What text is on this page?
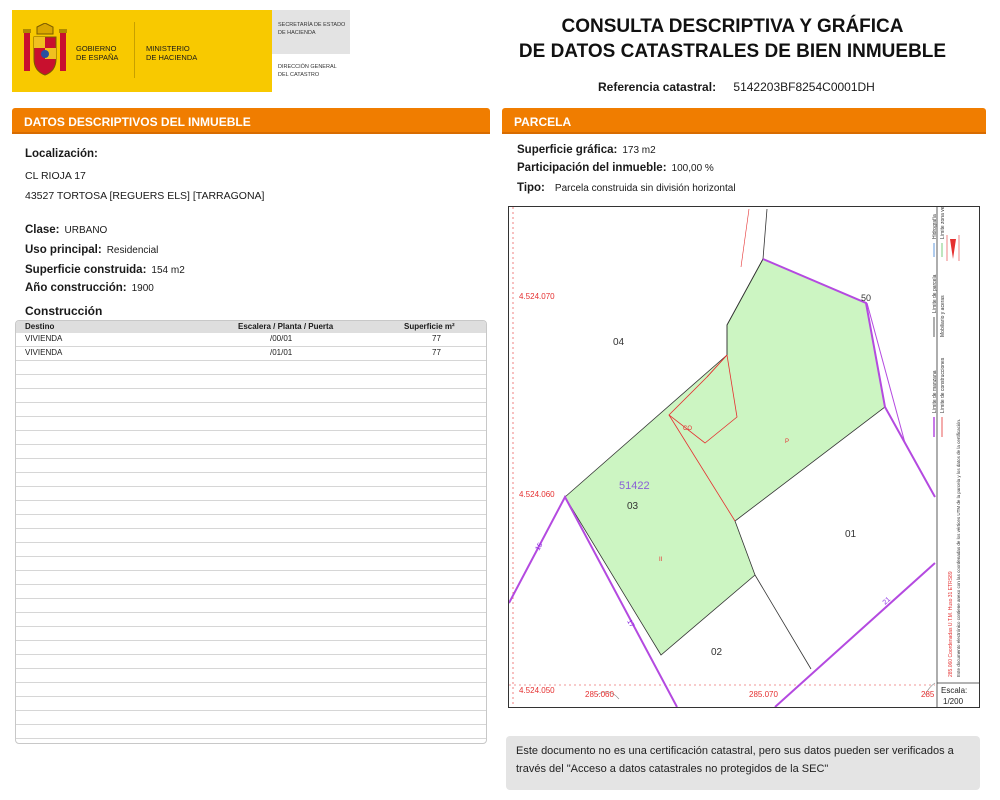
GOBIERNO
DE ESPAÑA
MINISTERIO
DE HACIENDA
SECRETARÍA DE ESTADO
DE HACIENDA
DIRECCIÓN GENERAL
DEL CATASTRO
CONSULTA DESCRIPTIVA Y GRÁFICA
DE DATOS CATASTRALES DE BIEN INMUEBLE
Referencia catastral: 5142203BF8254C0001DH
DATOS DESCRIPTIVOS DEL INMUEBLE
Localización:
CL RIOJA 17
43527 TORTOSA [REGUERS ELS] [TARRAGONA]
Clase: URBANO
Uso principal: Residencial
Superficie construida: 154 m2
Año construcción: 1900
Construcción
Destino	Escalera / Planta / Puerta	Superficie m²
VIVIENDA	/00/01	77
VIVIENDA	/01/01	77
PARCELA
Superficie gráfica: 173 m2
Participación del inmueble: 100,00 %
Tipo: Parcela construida sin división horizontal
4.524.070
4.524.060
4.524.050	285.060	285.070	285
04
50
03
01
02
51422
CO
P
II
15
17
21	285.060 Coordenadas U.T.M. Huso 31 ETRS89 Este documento electrónico contiene anexo con las coordenadas de los vértices UTM de la parcela y los datos de la certificación.
Límite de manzana Límite de construcciones
Límite de parcela
Mobiliario y aceras
Hidrografía Límite zona verde
Escala:
1/200
Este documento no es una certificación catastral, pero sus datos pueden ser verificados a través del "Acceso a datos catastrales no protegidos de la SEC"
